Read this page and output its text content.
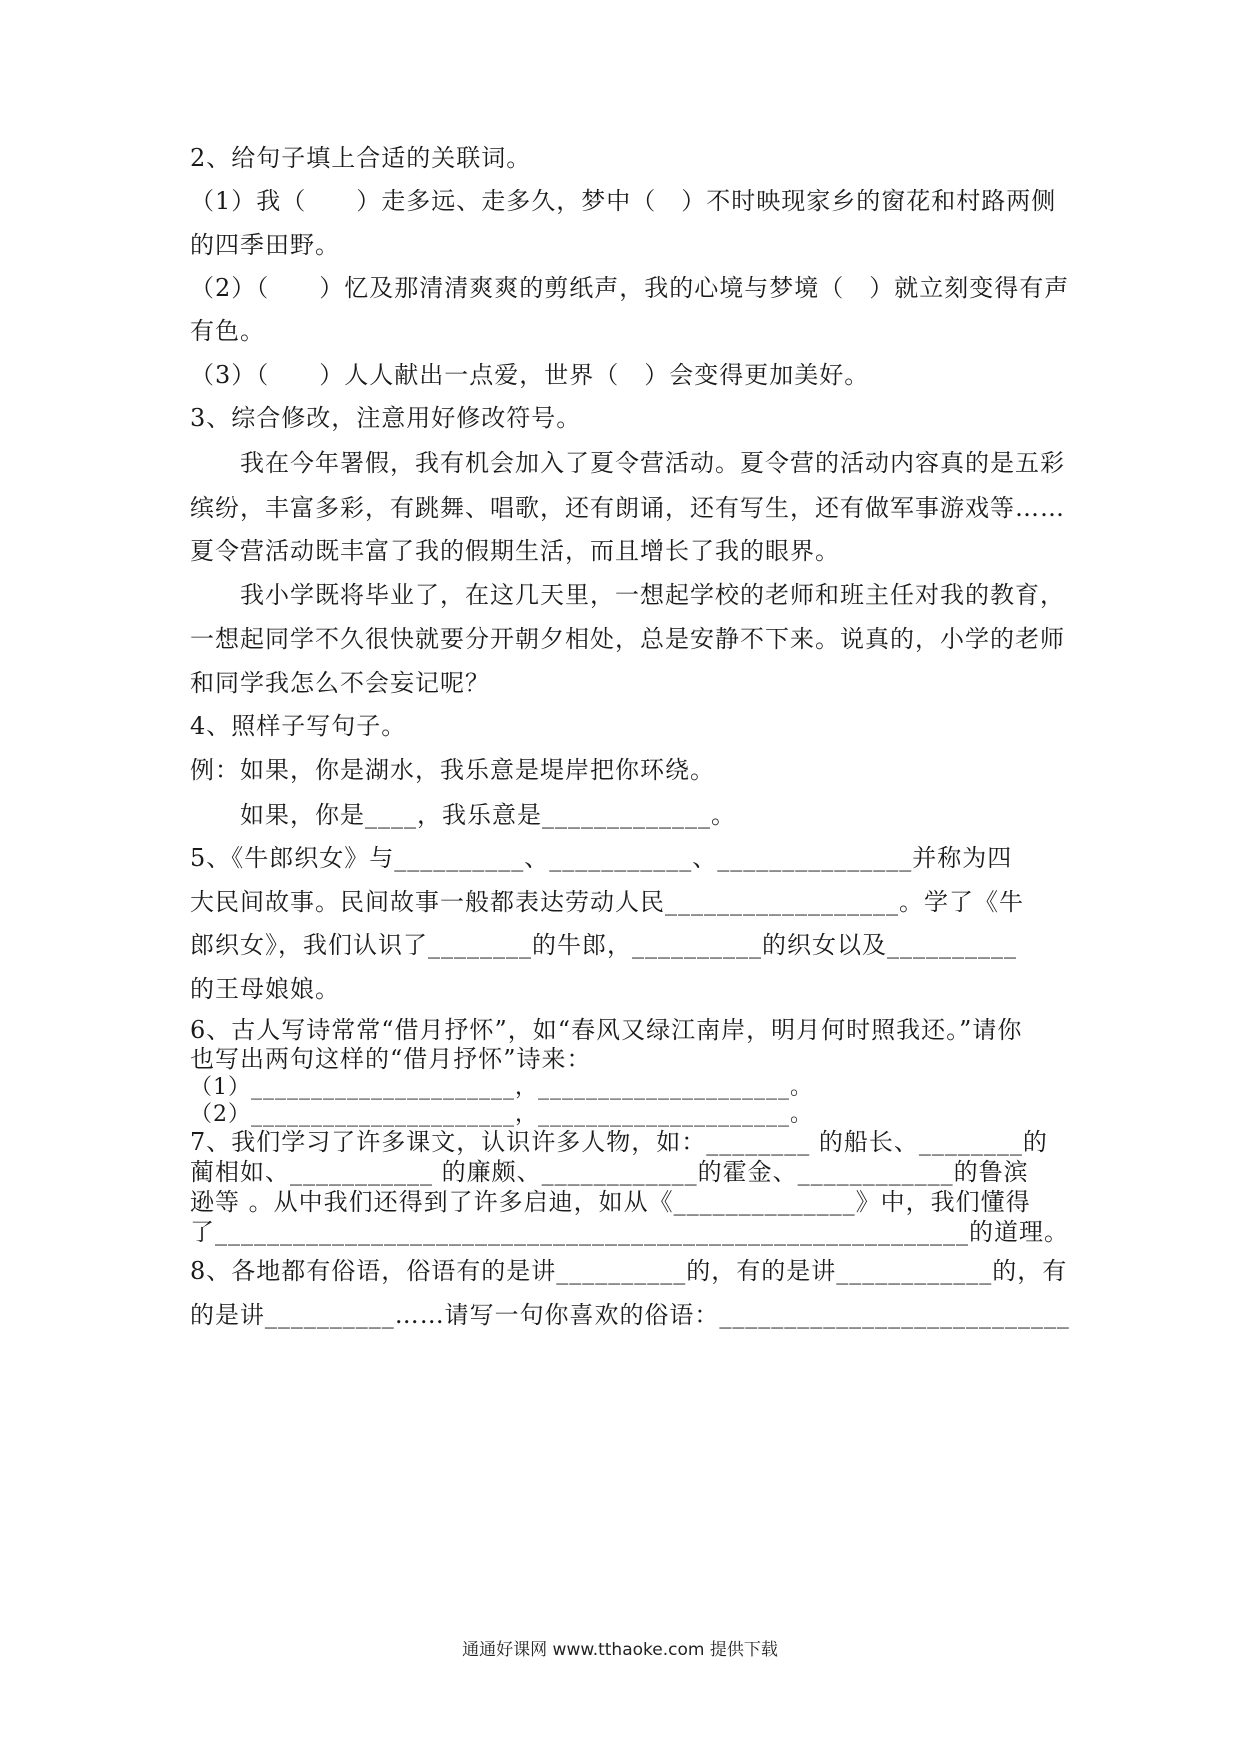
2、给句子填上合适的关联词。
（1）我（　　）走多远、走多久，梦中（　）不时映现家乡的窗花和村路两侧
的四季田野。
（2）（　　）忆及那清清爽爽的剪纸声，我的心境与梦境（　）就立刻变得有声
有色。
（3）（　　）人人献出一点爱，世界（　）会变得更加美好。
3、综合修改，注意用好修改符号。
　　我在今年署假，我有机会加入了夏令营活动。夏令营的活动内容真的是五彩
缤纷，丰富多彩，有跳舞、唱歌，还有朗诵，还有写生，还有做军事游戏等……
夏令营活动既丰富了我的假期生活，而且增长了我的眼界。
　　我小学既将毕业了，在这几天里，一想起学校的老师和班主任对我的教育，
一想起同学不久很快就要分开朝夕相处，总是安静不下来。说真的，小学的老师
和同学我怎么不会妄记呢？
4、照样子写句子。
例：如果，你是湖水，我乐意是堤岸把你环绕。
　　如果，你是____，我乐意是_____________。
5、《牛郎织女》与__________、___________、_______________并称为四
大民间故事。民间故事一般都表达劳动人民__________________。学了《牛
郎织女》，我们认识了________的牛郎，__________的织女以及__________
的王母娘娘。
6、古人写诗常常“借月抒怀”，如“春风又绿江南岸，明月何时照我还。”请你
也写出两句这样的“借月抒怀”诗来：
（1）______________________，_____________________。
（2）______________________，_____________________。
7、我们学习了许多课文，认识许多人物，如：________ 的船长、________的
蔺相如、___________ 的廉颇、____________的霍金、____________的鲁滨
逊等 。从中我们还得到了许多启迪，如从《______________》中，我们懂得
了__________________________________________________________的道理。
8、各地都有俗语，俗语有的是讲__________的，有的是讲____________的，有
的是讲__________……请写一句你喜欢的俗语：___________________________
通通好课网 www.tthaoke.com 提供下载
